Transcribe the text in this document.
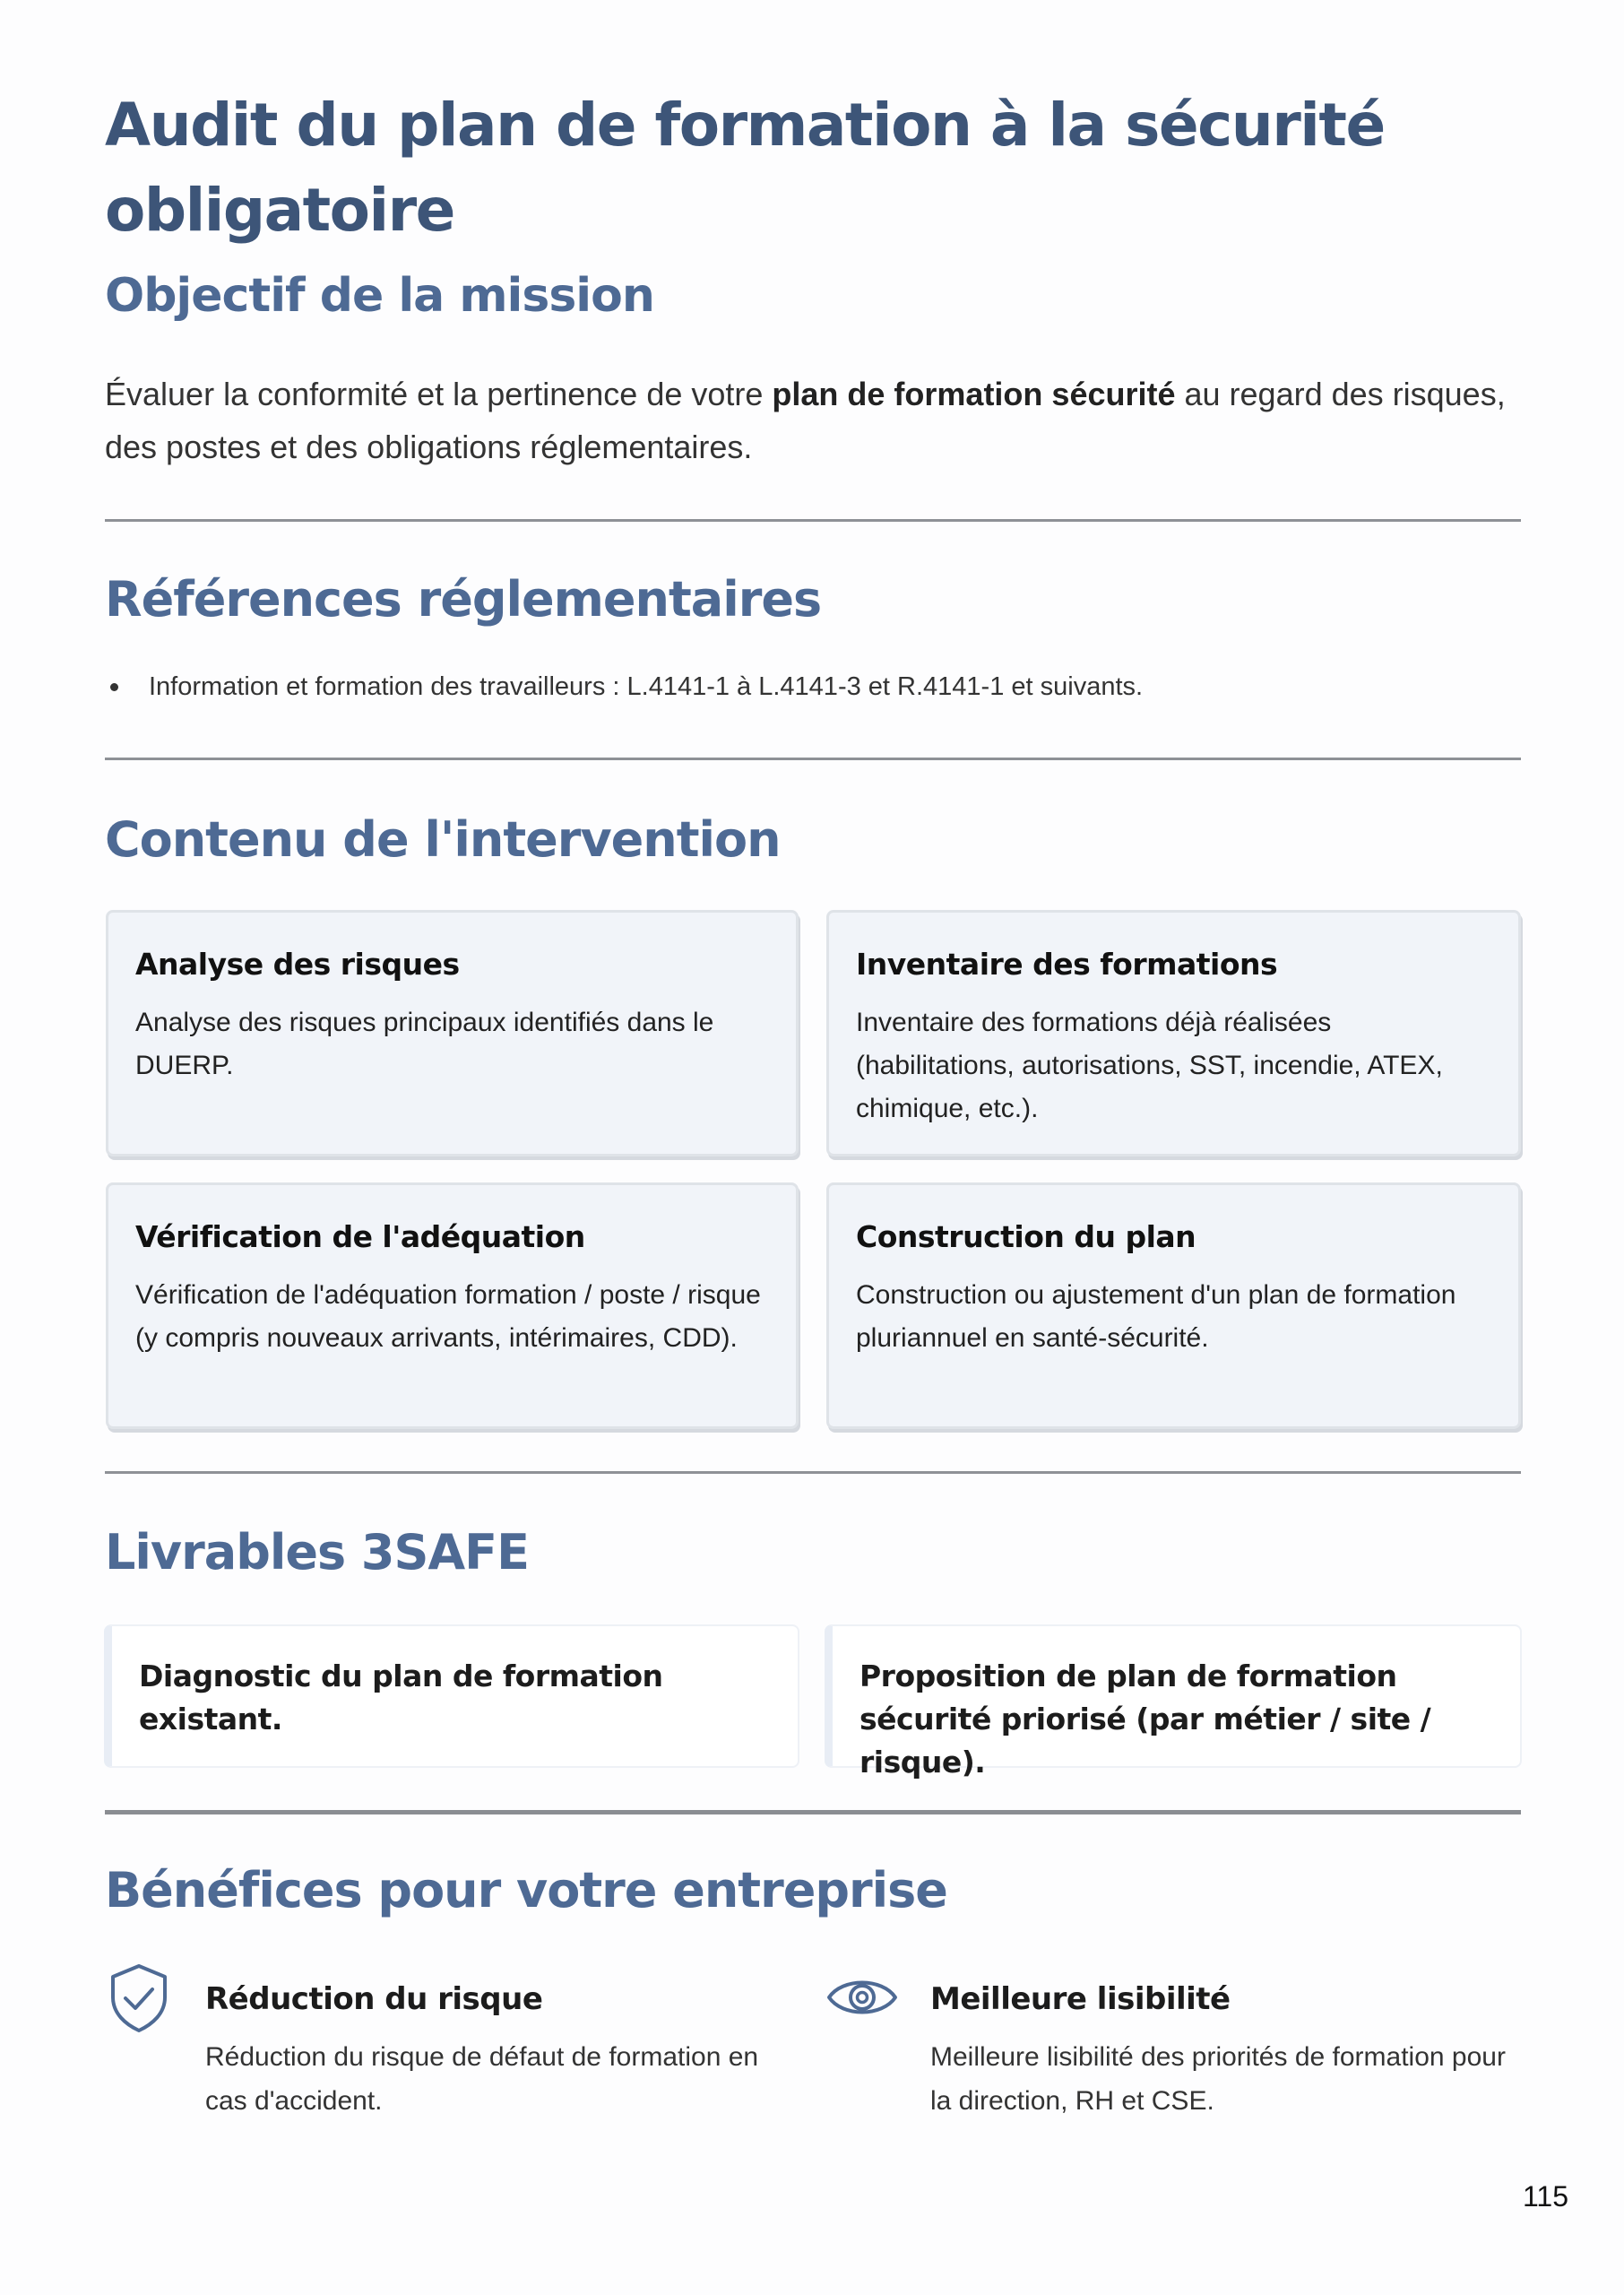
Audit du plan de formation à la sécurité obligatoire
Objectif de la mission

Évaluer la conformité et la pertinence de votre plan de formation sécurité au regard des risques, des postes et des obligations réglementaires.

Références réglementaires
Information et formation des travailleurs : L.4141-1 à L.4141-3 et R.4141-1 et suivants.
Contenu de l'intervention
Analyse des risques

Analyse des risques principaux identifiés dans le DUERP.

Inventaire des formations

Inventaire des formations déjà réalisées (habilitations, autorisations, SST, incendie, ATEX, chimique, etc.).

Vérification de l'adéquation

Vérification de l'adéquation formation / poste / risque (y compris nouveaux arrivants, intérimaires, CDD).

Construction du plan

Construction ou ajustement d'un plan de formation pluriannuel en santé-sécurité.

Livrables 3SAFE

Diagnostic du plan de formation existant.

Proposition de plan de formation sécurité priorisé (par métier / site / risque).

Bénéfices pour votre entreprise
Réduction du risque

Réduction du risque de défaut de formation en cas d'accident.

Meilleure lisibilité

Meilleure lisibilité des priorités de formation pour la direction, RH et CSE.

115
